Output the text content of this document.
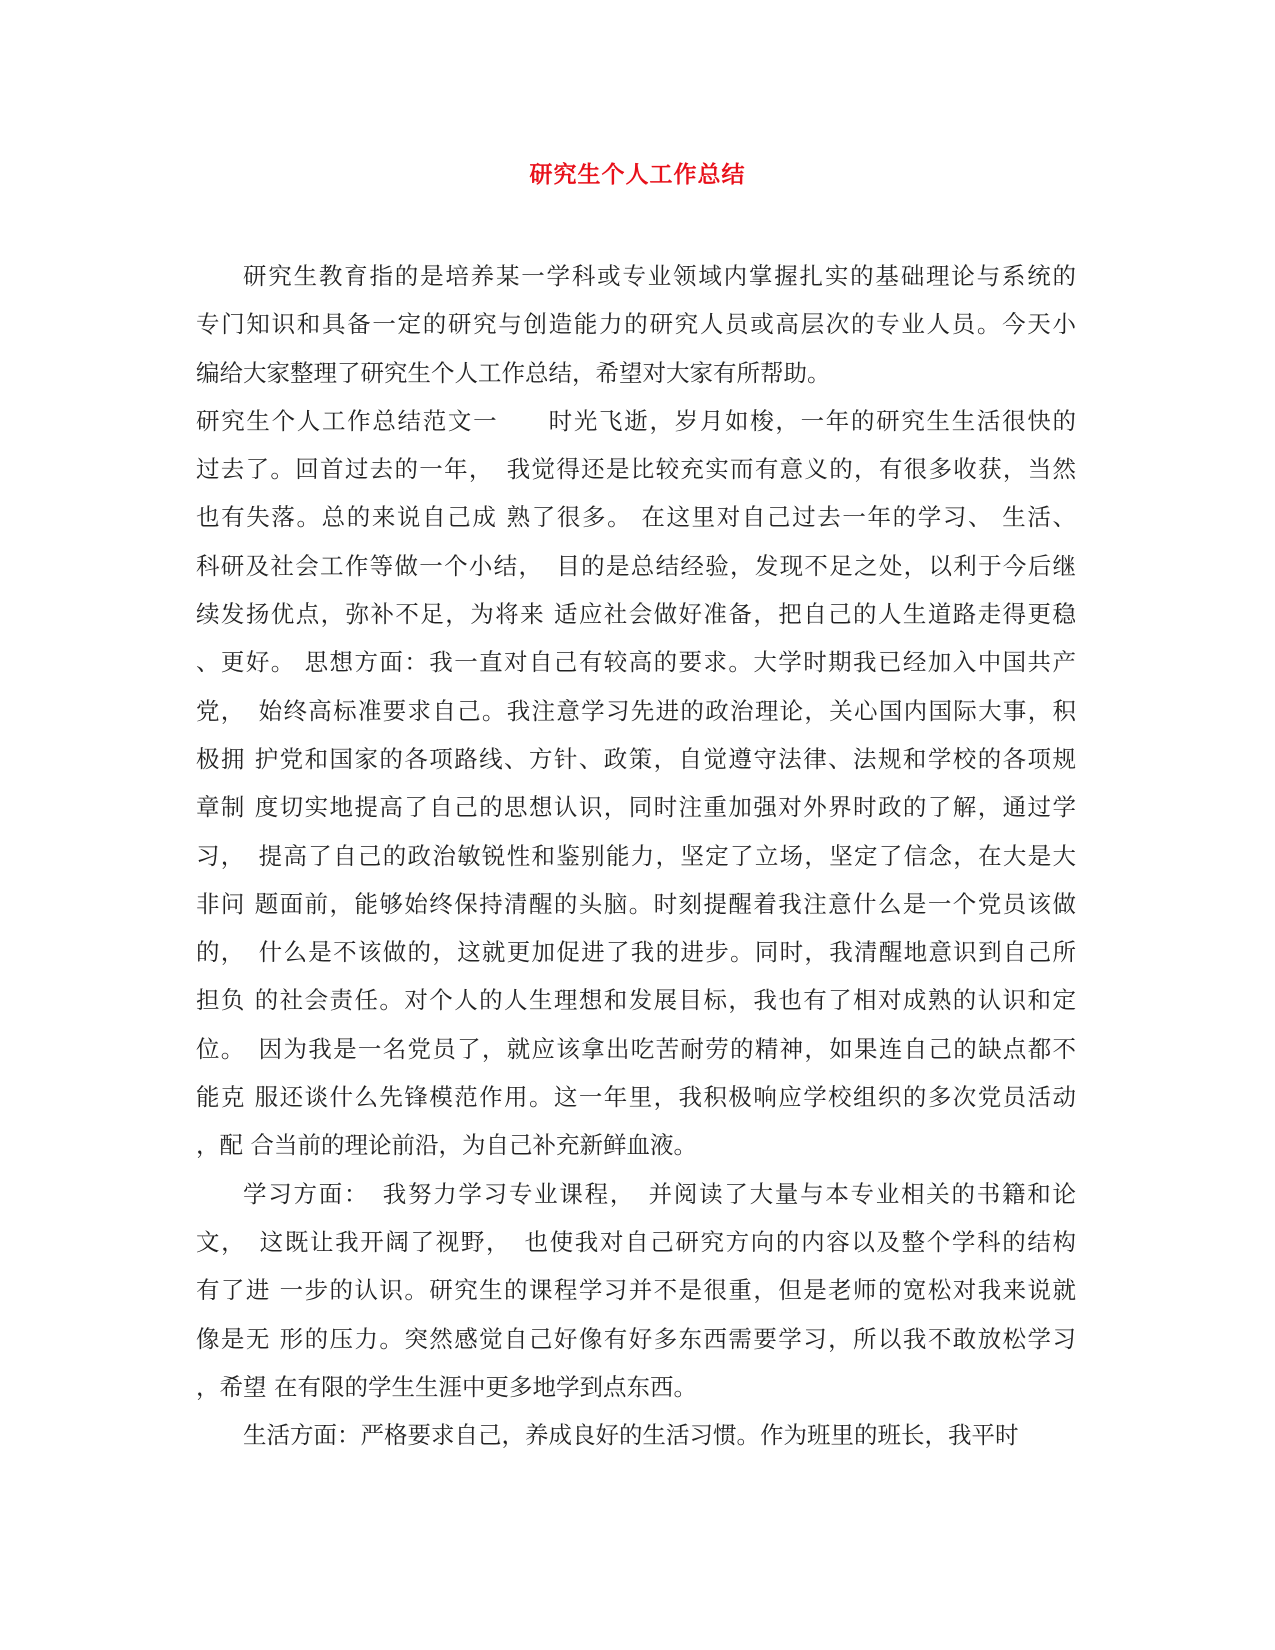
研究生个人工作总结
研究生教育指的是培养某一学科或专业领域内掌握扎实的基础理论与系统的
专门知识和具备一定的研究与创造能力的研究人员或高层次的专业人员。今天小
编给大家整理了研究生个人工作总结，希望对大家有所帮助。
研究生个人工作总结范文一　　时光飞逝，岁月如梭，一年的研究生生活很快的
过去了。回首过去的一年，　我觉得还是比较充实而有意义的，有很多收获，当然
也有失落。总的来说自己成 熟了很多。 在这里对自己过去一年的学习、 生活、
科研及社会工作等做一个小结，　目的是总结经验，发现不足之处，以利于今后继
续发扬优点，弥补不足，为将来 适应社会做好准备，把自己的人生道路走得更稳
、更好。 思想方面：我一直对自己有较高的要求。大学时期我已经加入中国共产
党，　始终高标准要求自己。我注意学习先进的政治理论，关心国内国际大事，积
极拥 护党和国家的各项路线、方针、政策，自觉遵守法律、法规和学校的各项规
章制 度切实地提高了自己的思想认识，同时注重加强对外界时政的了解，通过学
习，　提高了自己的政治敏锐性和鉴别能力，坚定了立场，坚定了信念，在大是大
非问 题面前，能够始终保持清醒的头脑。时刻提醒着我注意什么是一个党员该做
的，　什么是不该做的，这就更加促进了我的进步。同时，我清醒地意识到自己所
担负 的社会责任。对个人的人生理想和发展目标，我也有了相对成熟的认识和定
位。　因为我是一名党员了，就应该拿出吃苦耐劳的精神，如果连自己的缺点都不
能克 服还谈什么先锋模范作用。这一年里，我积极响应学校组织的多次党员活动
，配 合当前的理论前沿，为自己补充新鲜血液。
学习方面：　我努力学习专业课程，　并阅读了大量与本专业相关的书籍和论
文，　这既让我开阔了视野，　也使我对自己研究方向的内容以及整个学科的结构
有了进 一步的认识。研究生的课程学习并不是很重，但是老师的宽松对我来说就
像是无 形的压力。突然感觉自己好像有好多东西需要学习，所以我不敢放松学习
，希望 在有限的学生生涯中更多地学到点东西。
生活方面：严格要求自己，养成良好的生活习惯。作为班里的班长，我平时
